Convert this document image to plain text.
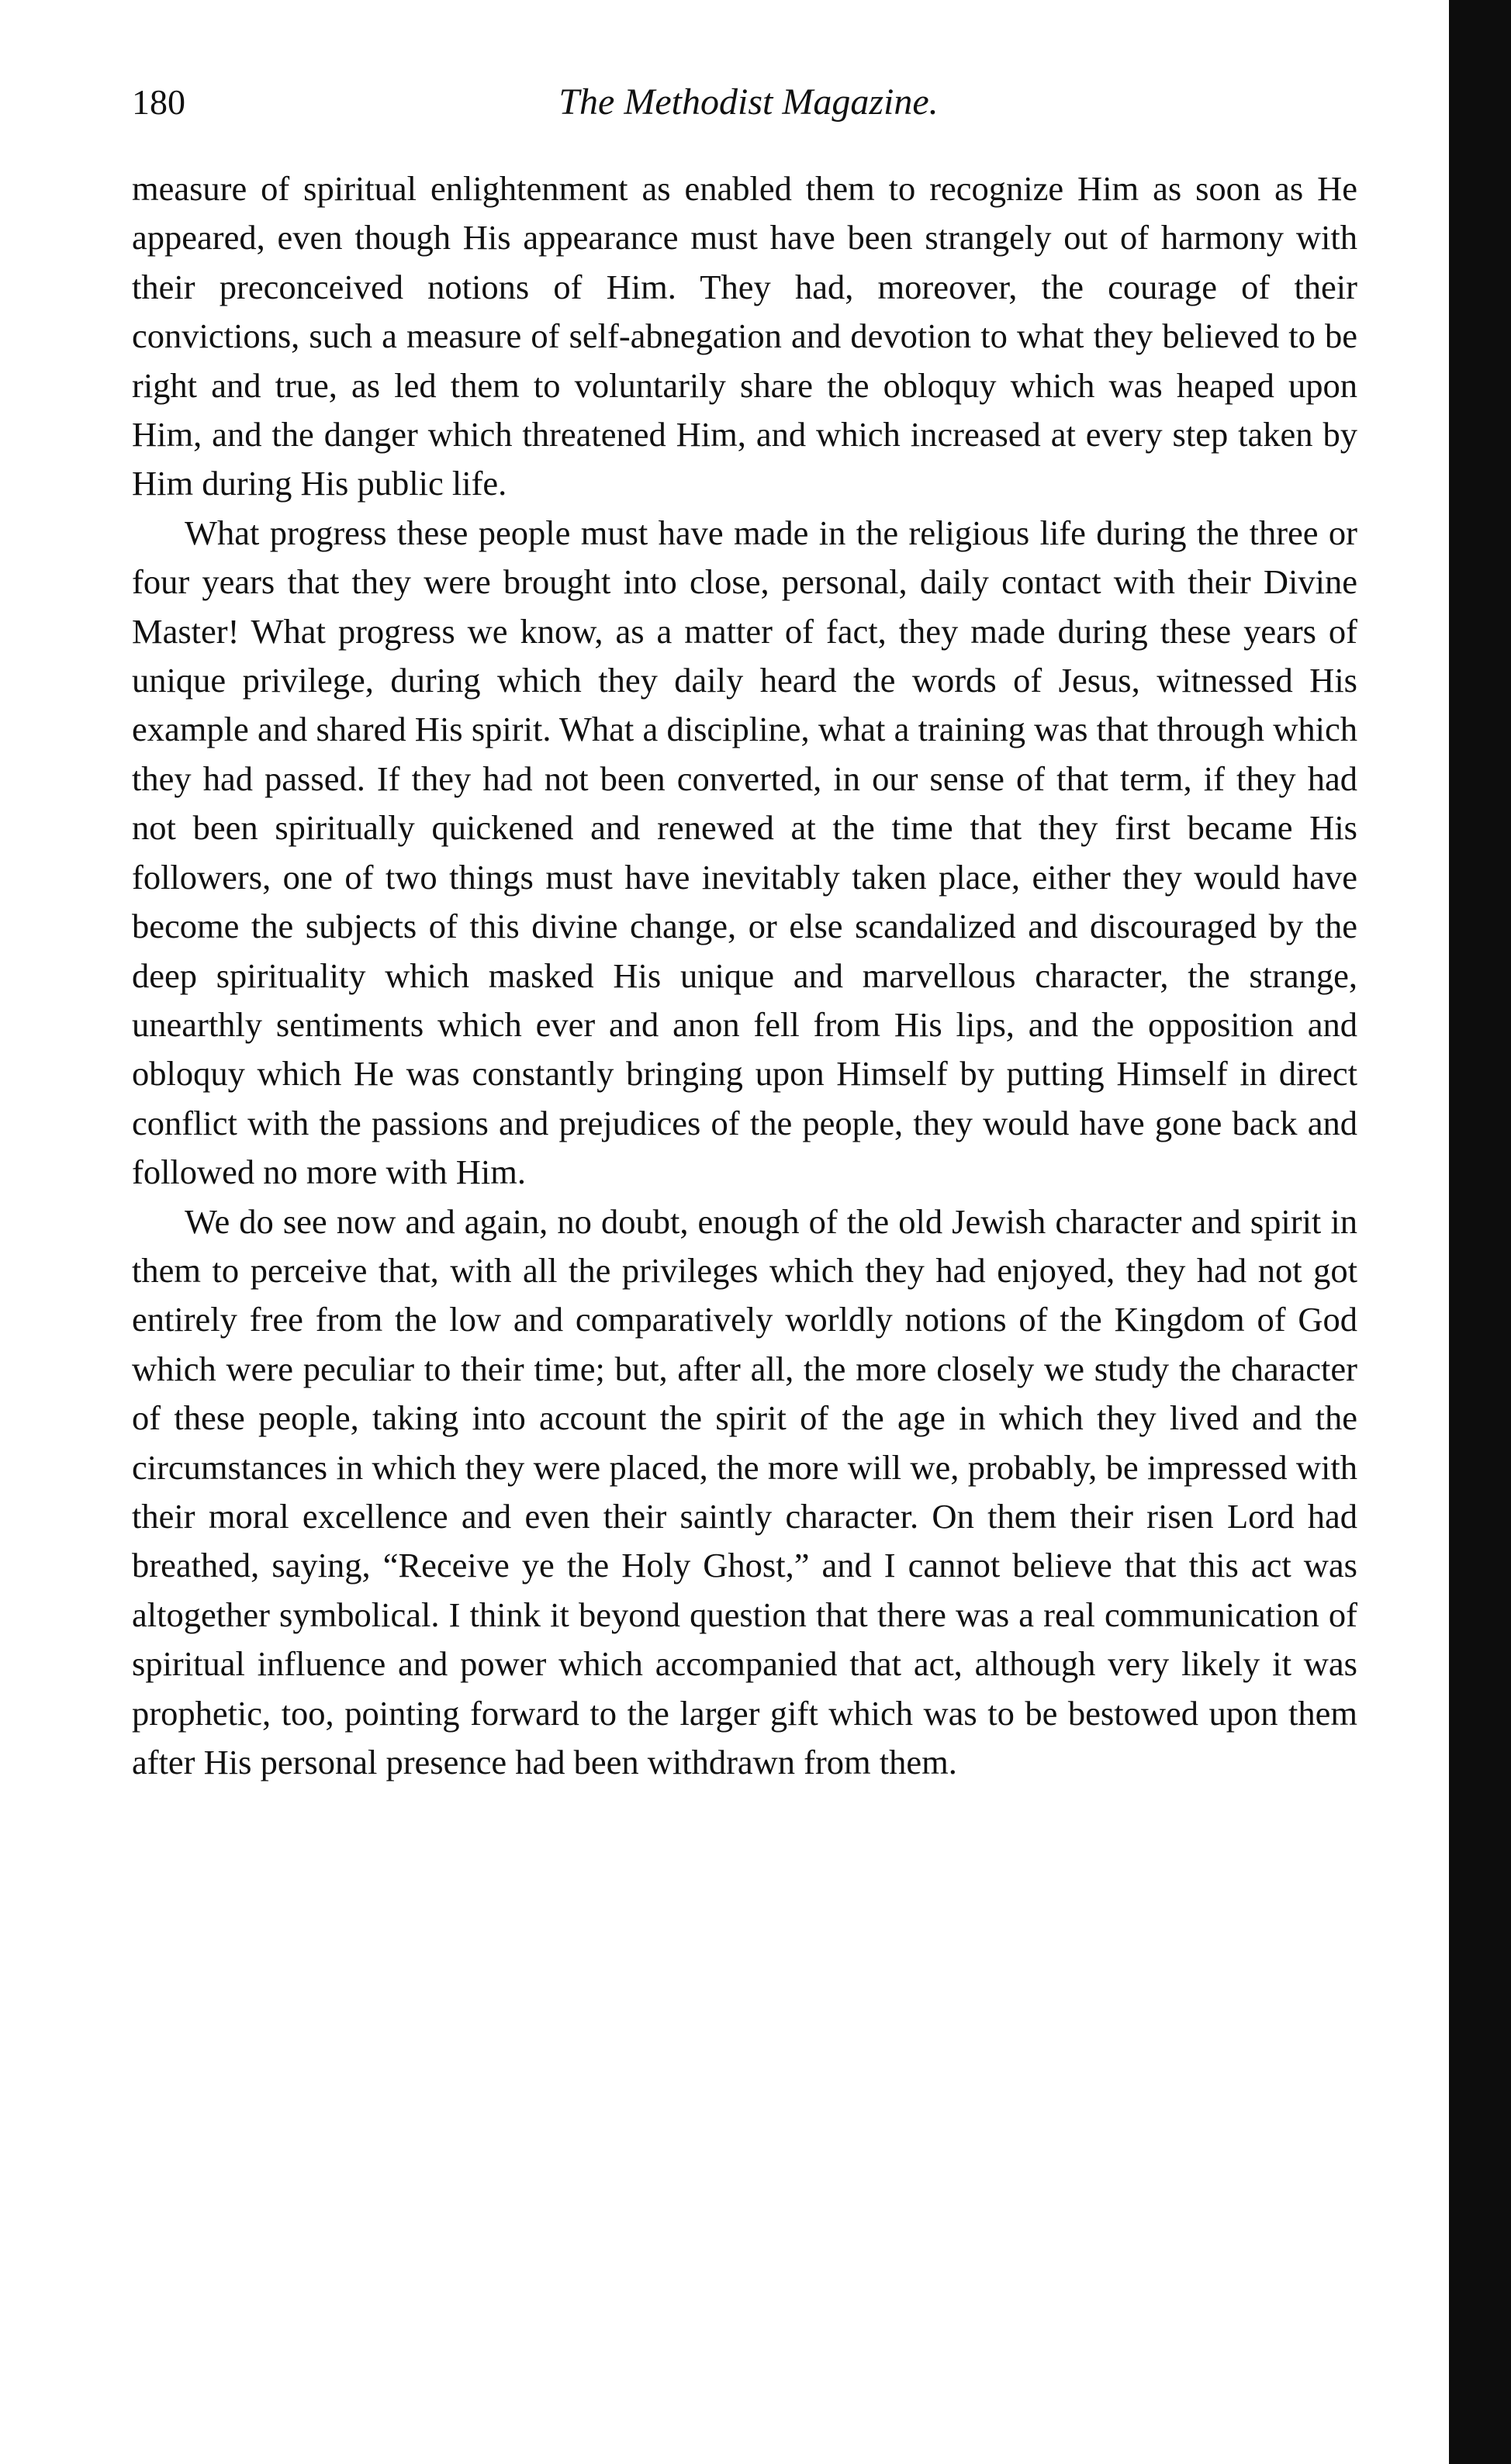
180	The Methodist Magazine.

measure of spiritual enlightenment as enabled them to recognize Him as soon as He appeared, even though His appearance must have been strangely out of harmony with their preconceived notions of Him. They had, moreover, the courage of their convictions, such a measure of self-abnegation and devotion to what they believed to be right and true, as led them to voluntarily share the obloquy which was heaped upon Him, and the danger which threatened Him, and which increased at every step taken by Him during His public life.

What progress these people must have made in the religious life during the three or four years that they were brought into close, personal, daily contact with their Divine Master! What progress we know, as a matter of fact, they made during these years of unique privilege, during which they daily heard the words of Jesus, witnessed His example and shared His spirit. What a discipline, what a training was that through which they had passed. If they had not been converted, in our sense of that term, if they had not been spiritually quickened and renewed at the time that they first became His followers, one of two things must have inevitably taken place, either they would have become the subjects of this divine change, or else scandalized and discouraged by the deep spirituality which masked His unique and marvellous character, the strange, unearthly sentiments which ever and anon fell from His lips, and the opposition and obloquy which He was constantly bringing upon Himself by putting Himself in direct conflict with the passions and prejudices of the people, they would have gone back and followed no more with Him.

We do see now and again, no doubt, enough of the old Jewish character and spirit in them to perceive that, with all the privileges which they had enjoyed, they had not got entirely free from the low and comparatively worldly notions of the Kingdom of God which were peculiar to their time; but, after all, the more closely we study the character of these people, taking into account the spirit of the age in which they lived and the circumstances in which they were placed, the more will we, probably, be impressed with their moral excellence and even their saintly character. On them their risen Lord had breathed, saying, “Receive ye the Holy Ghost,” and I cannot believe that this act was altogether symbolical. I think it beyond question that there was a real communication of spiritual influence and power which accompanied that act, although very likely it was prophetic, too, pointing forward to the larger gift which was to be bestowed upon them after His personal presence had been withdrawn from them.
